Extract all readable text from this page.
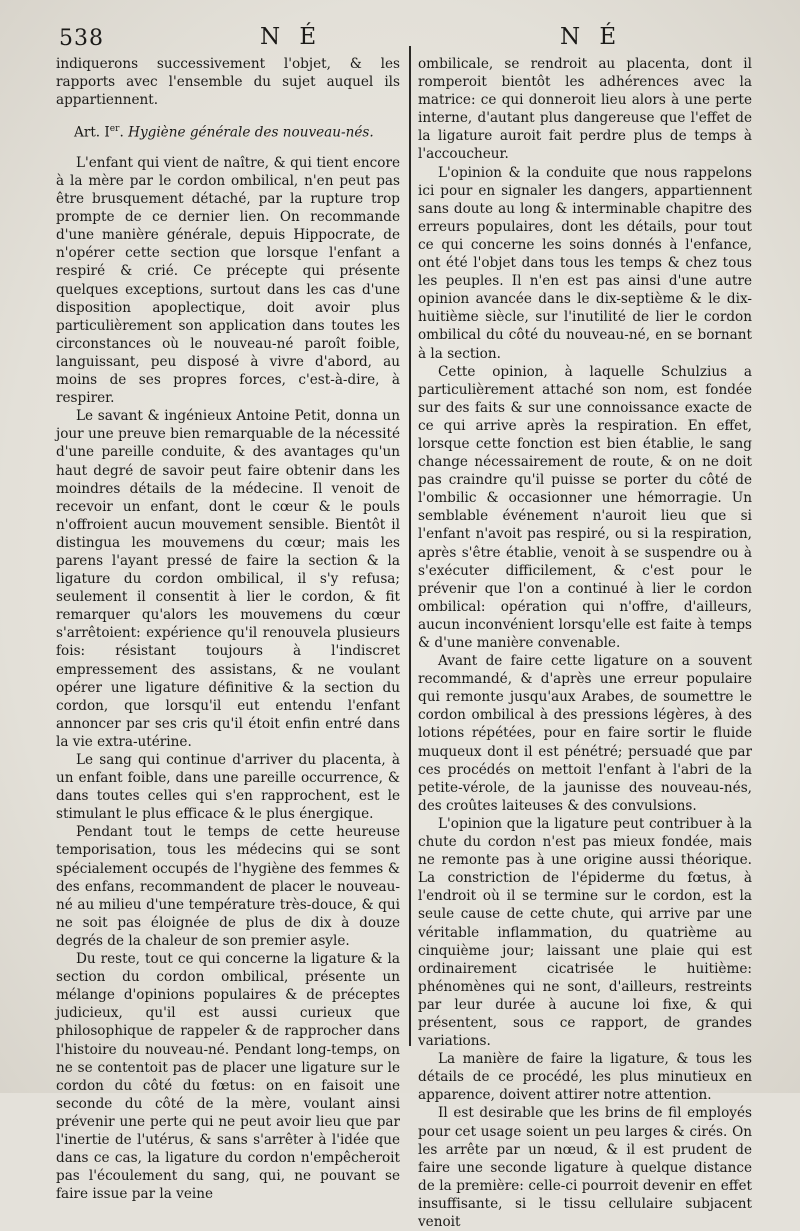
538	N É	N É

indiquerons successivement l'objet, & les rapports avec l'ensemble du sujet auquel ils appartiennent.

Art. Ier. Hygiène générale des nouveau-nés.

L'enfant qui vient de naître, & qui tient encore à la mère par le cordon ombilical, n'en peut pas être brusquement détaché, par la rupture trop prompte de ce dernier lien. On recommande d'une manière générale, depuis Hippocrate, de n'opérer cette section que lorsque l'enfant a respiré & crié. Ce précepte qui présente quelques exceptions, surtout dans les cas d'une disposition apoplectique, doit avoir plus particulièrement son application dans toutes les circonstances où le nouveau-né paroît foible, languissant, peu disposé à vivre d'abord, au moins de ses propres forces, c'est-à-dire, à respirer.

Le savant & ingénieux Antoine Petit, donna un jour une preuve bien remarquable de la nécessité d'une pareille conduite, & des avantages qu'un haut degré de savoir peut faire obtenir dans les moindres détails de la médecine. Il venoit de recevoir un enfant, dont le cœur & le pouls n'offroient aucun mouvement sensible. Bientôt il distingua les mouvemens du cœur; mais les parens l'ayant pressé de faire la section & la ligature du cordon ombilical, il s'y refusa; seulement il consentit à lier le cordon, & fit remarquer qu'alors les mouvemens du cœur s'arrêtoient: expérience qu'il renouvela plusieurs fois: résistant toujours à l'indiscret empressement des assistans, & ne voulant opérer une ligature définitive & la section du cordon, que lorsqu'il eut entendu l'enfant annoncer par ses cris qu'il étoit enfin entré dans la vie extra-utérine.

Le sang qui continue d'arriver du placenta, à un enfant foible, dans une pareille occurrence, & dans toutes celles qui s'en rapprochent, est le stimulant le plus efficace & le plus énergique.

Pendant tout le temps de cette heureuse temporisation, tous les médecins qui se sont spécialement occupés de l'hygiène des femmes & des enfans, recommandent de placer le nouveau-né au milieu d'une température très-douce, & qui ne soit pas éloignée de plus de dix à douze degrés de la chaleur de son premier asyle.

Du reste, tout ce qui concerne la ligature & la section du cordon ombilical, présente un mélange d'opinions populaires & de préceptes judicieux, qu'il est aussi curieux que philosophique de rappeler & de rapprocher dans l'histoire du nouveau-né. Pendant long-temps, on ne se contentoit pas de placer une ligature sur le cordon du côté du fœtus: on en faisoit une seconde du côté de la mère, voulant ainsi prévenir une perte qui ne peut avoir lieu que par l'inertie de l'utérus, & sans s'arrêter à l'idée que dans ce cas, la ligature du cordon n'empêcheroit pas l'écoulement du sang, qui, ne pouvant se faire issue par la veine

ombilicale, se rendroit au placenta, dont il romperoit bientôt les adhérences avec la matrice: ce qui donneroit lieu alors à une perte interne, d'autant plus dangereuse que l'effet de la ligature auroit fait perdre plus de temps à l'accoucheur.

L'opinion & la conduite que nous rappelons ici pour en signaler les dangers, appartiennent sans doute au long & interminable chapitre des erreurs populaires, dont les détails, pour tout ce qui concerne les soins donnés à l'enfance, ont été l'objet dans tous les temps & chez tous les peuples. Il n'en est pas ainsi d'une autre opinion avancée dans le dix-septième & le dix-huitième siècle, sur l'inutilité de lier le cordon ombilical du côté du nouveau-né, en se bornant à la section.

Cette opinion, à laquelle Schulzius a particulièrement attaché son nom, est fondée sur des faits & sur une connoissance exacte de ce qui arrive après la respiration. En effet, lorsque cette fonction est bien établie, le sang change nécessairement de route, & on ne doit pas craindre qu'il puisse se porter du côté de l'ombilic & occasionner une hémorragie. Un semblable événement n'auroit lieu que si l'enfant n'avoit pas respiré, ou si la respiration, après s'être établie, venoit à se suspendre ou à s'exécuter difficilement, & c'est pour le prévenir que l'on a continué à lier le cordon ombilical: opération qui n'offre, d'ailleurs, aucun inconvénient lorsqu'elle est faite à temps & d'une manière convenable.

Avant de faire cette ligature on a souvent recommandé, & d'après une erreur populaire qui remonte jusqu'aux Arabes, de soumettre le cordon ombilical à des pressions légères, à des lotions répétées, pour en faire sortir le fluide muqueux dont il est pénétré; persuadé que par ces procédés on mettoit l'enfant à l'abri de la petite-vérole, de la jaunisse des nouveau-nés, des croûtes laiteuses & des convulsions.

L'opinion que la ligature peut contribuer à la chute du cordon n'est pas mieux fondée, mais ne remonte pas à une origine aussi théorique. La constriction de l'épiderme du fœtus, à l'endroit où il se termine sur le cordon, est la seule cause de cette chute, qui arrive par une véritable inflammation, du quatrième au cinquième jour; laissant une plaie qui est ordinairement cicatrisée le huitième: phénomènes qui ne sont, d'ailleurs, restreints par leur durée à aucune loi fixe, & qui présentent, sous ce rapport, de grandes variations.

La manière de faire la ligature, & tous les détails de ce procédé, les plus minutieux en apparence, doivent attirer notre attention.

Il est desirable que les brins de fil employés pour cet usage soient un peu larges & cirés. On les arrête par un nœud, & il est prudent de faire une seconde ligature à quelque distance de la première: celle-ci pourroit devenir en effet insuffisante, si le tissu cellulaire subjacent venoit
